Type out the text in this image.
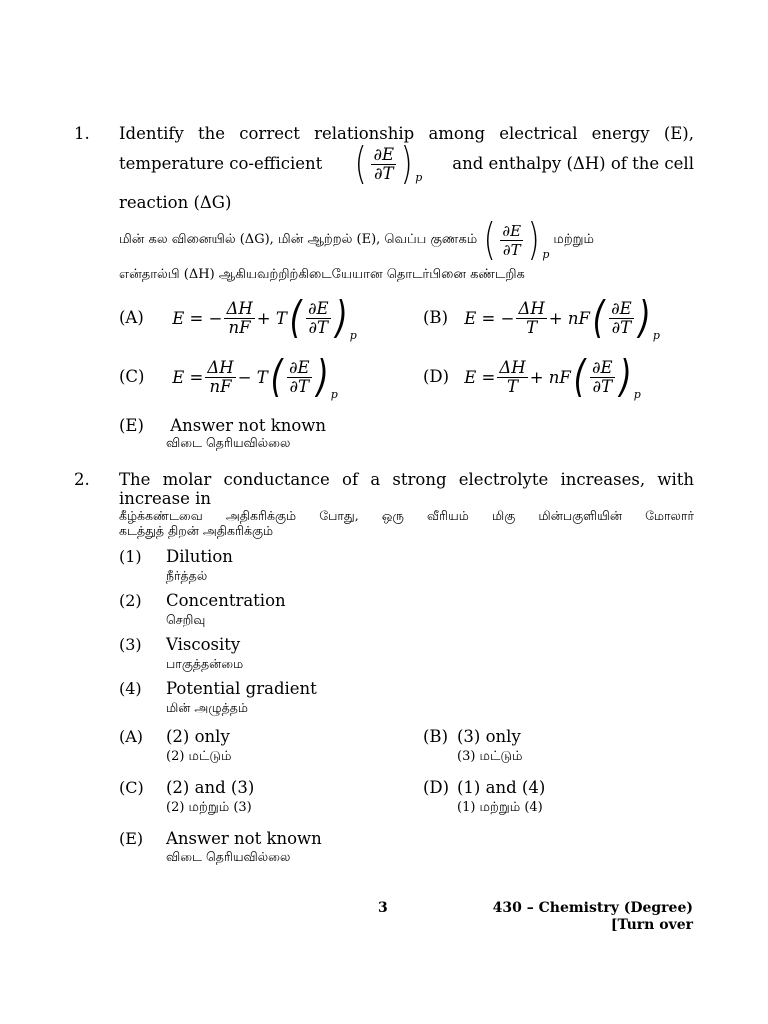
1. Identify the correct relationship among electrical energy (E),
temperature co-efficient ( $\frac{\partial E}{\partial T}$ ) p
and enthalpy (ΔH) of the cell
reaction (ΔG)
மின் கல வினையில் (ΔG), மின் ஆற்றல் (E), வெப்ப குணகம் ( $\frac{\partial E}{\partial T}$ ) p
மற்றும்
என்தால்பி (ΔH) ஆகியவற்றிற்கிடையேயான தொடர்பினை கண்டறிக
(A) E = − $\frac{\Delta H}{nF} + T$ ( $\frac{\partial E}{\partial T}$ ) p
(B) E = − $\frac{\Delta H}{T}$ + nF ( $\frac{\partial E}{\partial T}$ ) p
(C) $E = \frac{\Delta H}{nF} - T$ ( $\frac{\partial E}{\partial T}$ ) p
(D) $E = \frac{\Delta H}{T}$ + nF ( $\frac{\partial E}{\partial T}$ ) p
(E) Answer not known
விடை தெரியவில்லை
2. The molar conductance of a strong electrolyte increases, with
increase in
கீழ்க்கண்டவை அதிகரிக்கும் போது, ஒரு வீரியம் மிகு மின்பகுளியின் மோலார்
கடத்துத் திறன் அதிகரிக்கும்
(1) Dilution
நீர்த்தல்
(2) Concentration
செறிவு
(3) Viscosity
பாகுத்தன்மை
(4) Potential gradient
மின் அழுத்தம்
(A) (2) only
(2) மட்டும்
(B) (3) only
(3) மட்டும்
(C) (2) and (3)
(2) மற்றும் (3)
(D) (1) and (4)
(1) மற்றும் (4)
(E) Answer not known
விடை தெரியவில்லை
3	430 – Chemistry (Degree)
[Turn over
